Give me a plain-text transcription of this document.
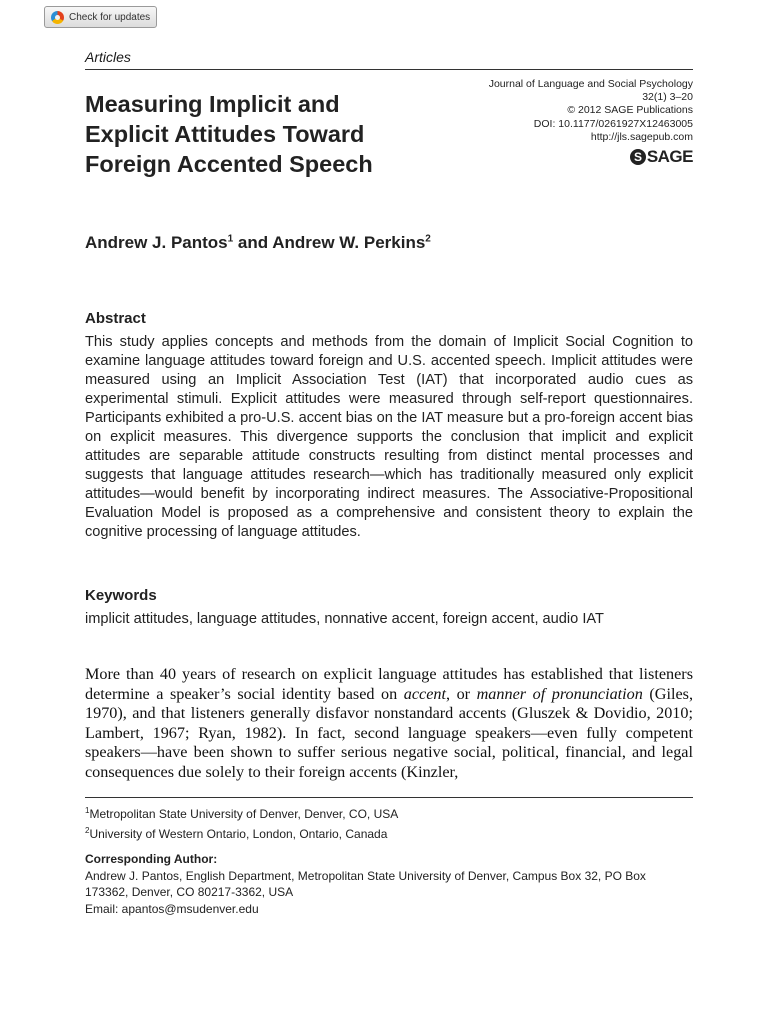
Check for updates
Articles
Journal of Language and Social Psychology
32(1) 3–20
© 2012 SAGE Publications
DOI: 10.1177/0261927X12463005
http://jls.sagepub.com
S SAGE
Measuring Implicit and
Explicit Attitudes Toward
Foreign Accented Speech
Andrew J. Pantos$^1$ and Andrew W. Perkins$^2$
Abstract
This study applies concepts and methods from the domain of Implicit Social Cognition to examine language attitudes toward foreign and U.S. accented speech. Implicit attitudes were measured using an Implicit Association Test (IAT) that incorporated audio cues as experimental stimuli. Explicit attitudes were measured through self-report questionnaires. Participants exhibited a pro-U.S. accent bias on the IAT measure but a pro-foreign accent bias on explicit measures. This divergence supports the conclusion that implicit and explicit attitudes are separable attitude constructs resulting from distinct mental processes and suggests that language attitudes research—which has traditionally measured only explicit attitudes—would benefit by incorporating indirect measures. The Associative-Propositional Evaluation Model is proposed as a comprehensive and consistent theory to explain the cognitive processing of language attitudes.
Keywords
implicit attitudes, language attitudes, nonnative accent, foreign accent, audio IAT
More than 40 years of research on explicit language attitudes has established that listeners determine a speaker’s social identity based on accent, or manner of pronunciation (Giles, 1970), and that listeners generally disfavor nonstandard accents (Gluszek & Dovidio, 2010; Lambert, 1967; Ryan, 1982). In fact, second language speakers—even fully competent speakers—have been shown to suffer serious negative social, political, financial, and legal consequences due solely to their foreign accents (Kinzler,
$^1$Metropolitan State University of Denver, Denver, CO, USA
$^2$University of Western Ontario, London, Ontario, Canada
Corresponding Author:
Andrew J. Pantos, English Department, Metropolitan State University of Denver, Campus Box 32, PO Box
173362, Denver, CO 80217-3362, USA
Email: apantos@msudenver.edu
